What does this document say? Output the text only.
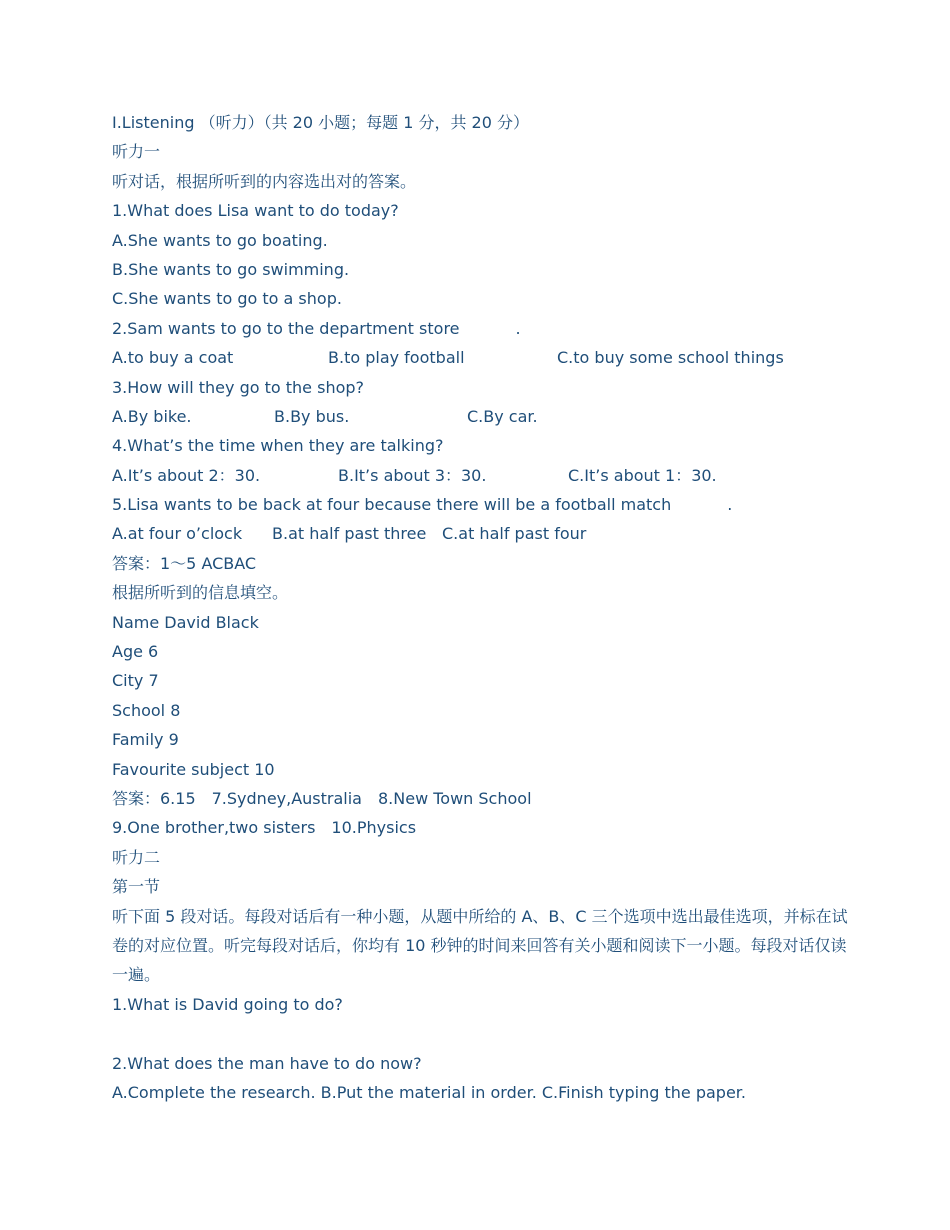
I.Listening （听力）（共 20 小题；每题 1 分，共 20 分）
听力一
听对话，根据所听到的内容选出对的答案。
1.What does Lisa want to do today?
A.She wants to go boating.
B.She wants to go swimming.
C.She wants to go to a shop.
2.Sam wants to go to the department store	.
A.to buy a coat	B.to play football	C.to buy some school things
3.How will they go to the shop?
A.By bike.	B.By bus.	C.By car.
4.What’s the time when they are talking?
A.It’s about 2：30.	B.It’s about 3：30.	C.It’s about 1：30.
5.Lisa wants to be back at four because there will be a football match	.
A.at four o’clock	B.at half past three C.at half past four
答案：1～5 ACBAC
根据所听到的信息填空。
Name David Black
Age 6
City 7
School 8
Family 9
Favourite subject 10
答案：6.15　7.Sydney,Australia　8.New Town School
9.One brother,two sisters　10.Physics
听力二
第一节
听下面 5 段对话。每段对话后有一种小题，从题中所给的 A、B、C 三个选项中选出最佳选项，并标在试卷的对应位置。听完每段对话后，你均有 10 秒钟的时间来回答有关小题和阅读下一小题。每段对话仅读一遍。
1.What is David going to do?
2.What does the man have to do now?
A.Complete the research. B.Put the material in order. C.Finish typing the paper.
